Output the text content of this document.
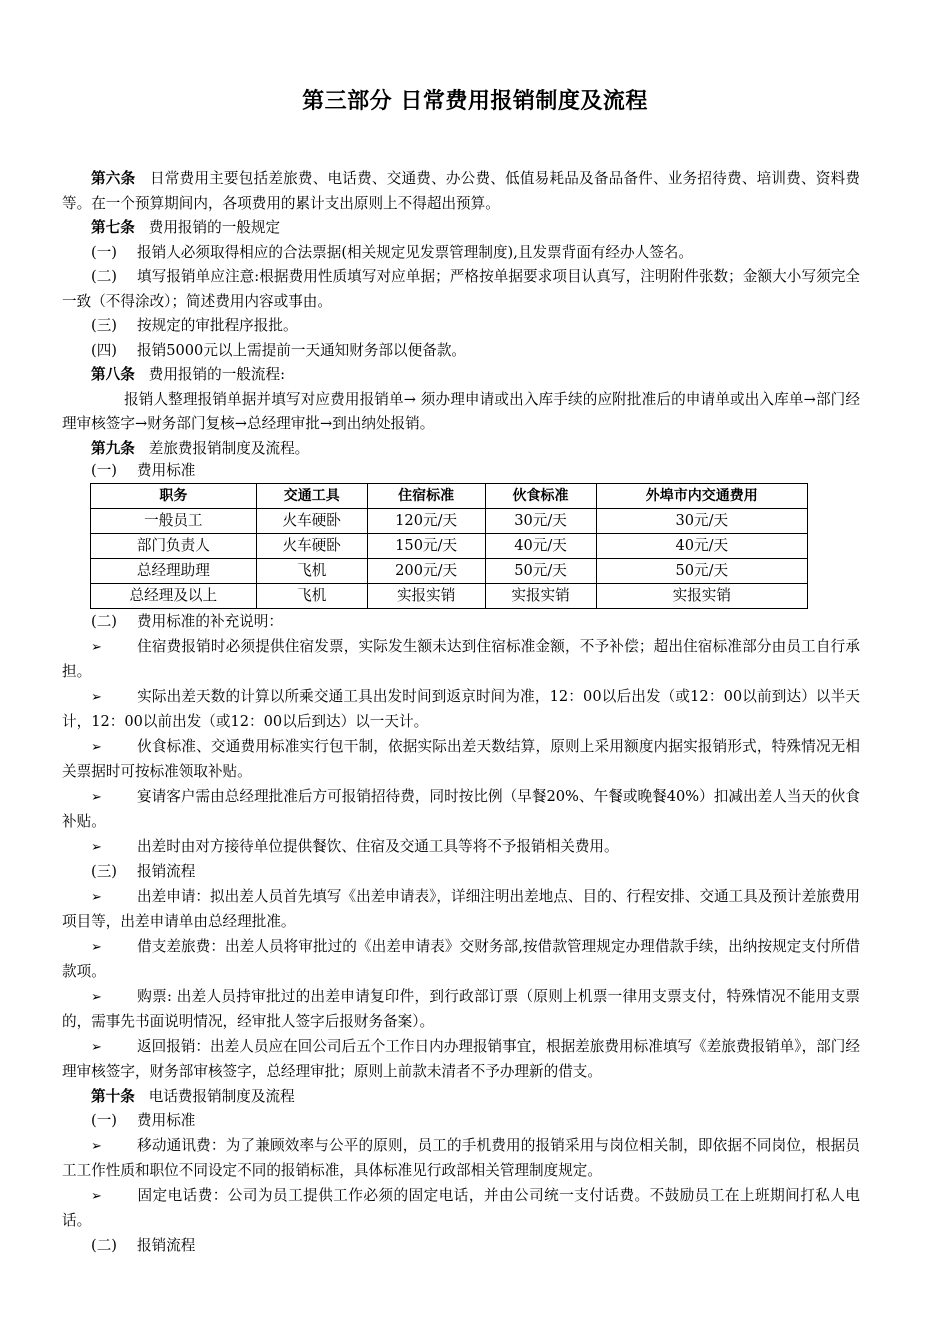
第三部分 日常费用报销制度及流程

第六条 日常费用主要包括差旅费、电话费、交通费、办公费、低值易耗品及备品备件、业务招待费、培训费、资料费等。在一个预算期间内，各项费用的累计支出原则上不得超出预算。

第七条 费用报销的一般规定

(一) 报销人必须取得相应的合法票据(相关规定见发票管理制度),且发票背面有经办人签名。

(二) 填写报销单应注意:根据费用性质填写对应单据；严格按单据要求项目认真写，注明附件张数；金额大小写须完全一致（不得涂改）；简述费用内容或事由。

(三) 按规定的审批程序报批。

(四) 报销5000元以上需提前一天通知财务部以便备款。

第八条 费用报销的一般流程:

报销人整理报销单据并填写对应费用报销单→ 须办理申请或出入库手续的应附批准后的申请单或出入库单→部门经理审核签字→财务部门复核→总经理审批→到出纳处报销。

第九条 差旅费报销制度及流程。

(一) 费用标准

职务	交通工具	住宿标准	伙食标准	外埠市内交通费用
一般员工	火车硬卧	120元/天	30元/天	30元/天
部门负责人	火车硬卧	150元/天	40元/天	40元/天
总经理助理	飞机	200元/天	50元/天	50元/天
总经理及以上	飞机	实报实销	实报实销	实报实销

(二) 费用标准的补充说明：

➢ 住宿费报销时必须提供住宿发票，实际发生额未达到住宿标准金额，不予补偿；超出住宿标准部分由员工自行承担。

➢ 实际出差天数的计算以所乘交通工具出发时间到返京时间为准，12：00以后出发（或12：00以前到达）以半天计，12：00以前出发（或12：00以后到达）以一天计。

➢ 伙食标准、交通费用标准实行包干制，依据实际出差天数结算，原则上采用额度内据实报销形式，特殊情况无相关票据时可按标准领取补贴。

➢ 宴请客户需由总经理批准后方可报销招待费，同时按比例（早餐20%、午餐或晚餐40%）扣减出差人当天的伙食补贴。

➢ 出差时由对方接待单位提供餐饮、住宿及交通工具等将不予报销相关费用。

(三) 报销流程

➢ 出差申请：拟出差人员首先填写《出差申请表》，详细注明出差地点、目的、行程安排、交通工具及预计差旅费用项目等，出差申请单由总经理批准。

➢ 借支差旅费：出差人员将审批过的《出差申请表》交财务部,按借款管理规定办理借款手续，出纳按规定支付所借款项。

➢ 购票: 出差人员持审批过的出差申请复印件，到行政部订票（原则上机票一律用支票支付，特殊情况不能用支票的，需事先书面说明情况，经审批人签字后报财务备案）。

➢ 返回报销：出差人员应在回公司后五个工作日内办理报销事宜，根据差旅费用标准填写《差旅费报销单》，部门经理审核签字，财务部审核签字，总经理审批；原则上前款未清者不予办理新的借支。

第十条 电话费报销制度及流程

(一) 费用标准

➢ 移动通讯费：为了兼顾效率与公平的原则，员工的手机费用的报销采用与岗位相关制，即依据不同岗位，根据员工工作性质和职位不同设定不同的报销标准，具体标准见行政部相关管理制度规定。

➢ 固定电话费：公司为员工提供工作必须的固定电话，并由公司统一支付话费。不鼓励员工在上班期间打私人电话。

(二) 报销流程
